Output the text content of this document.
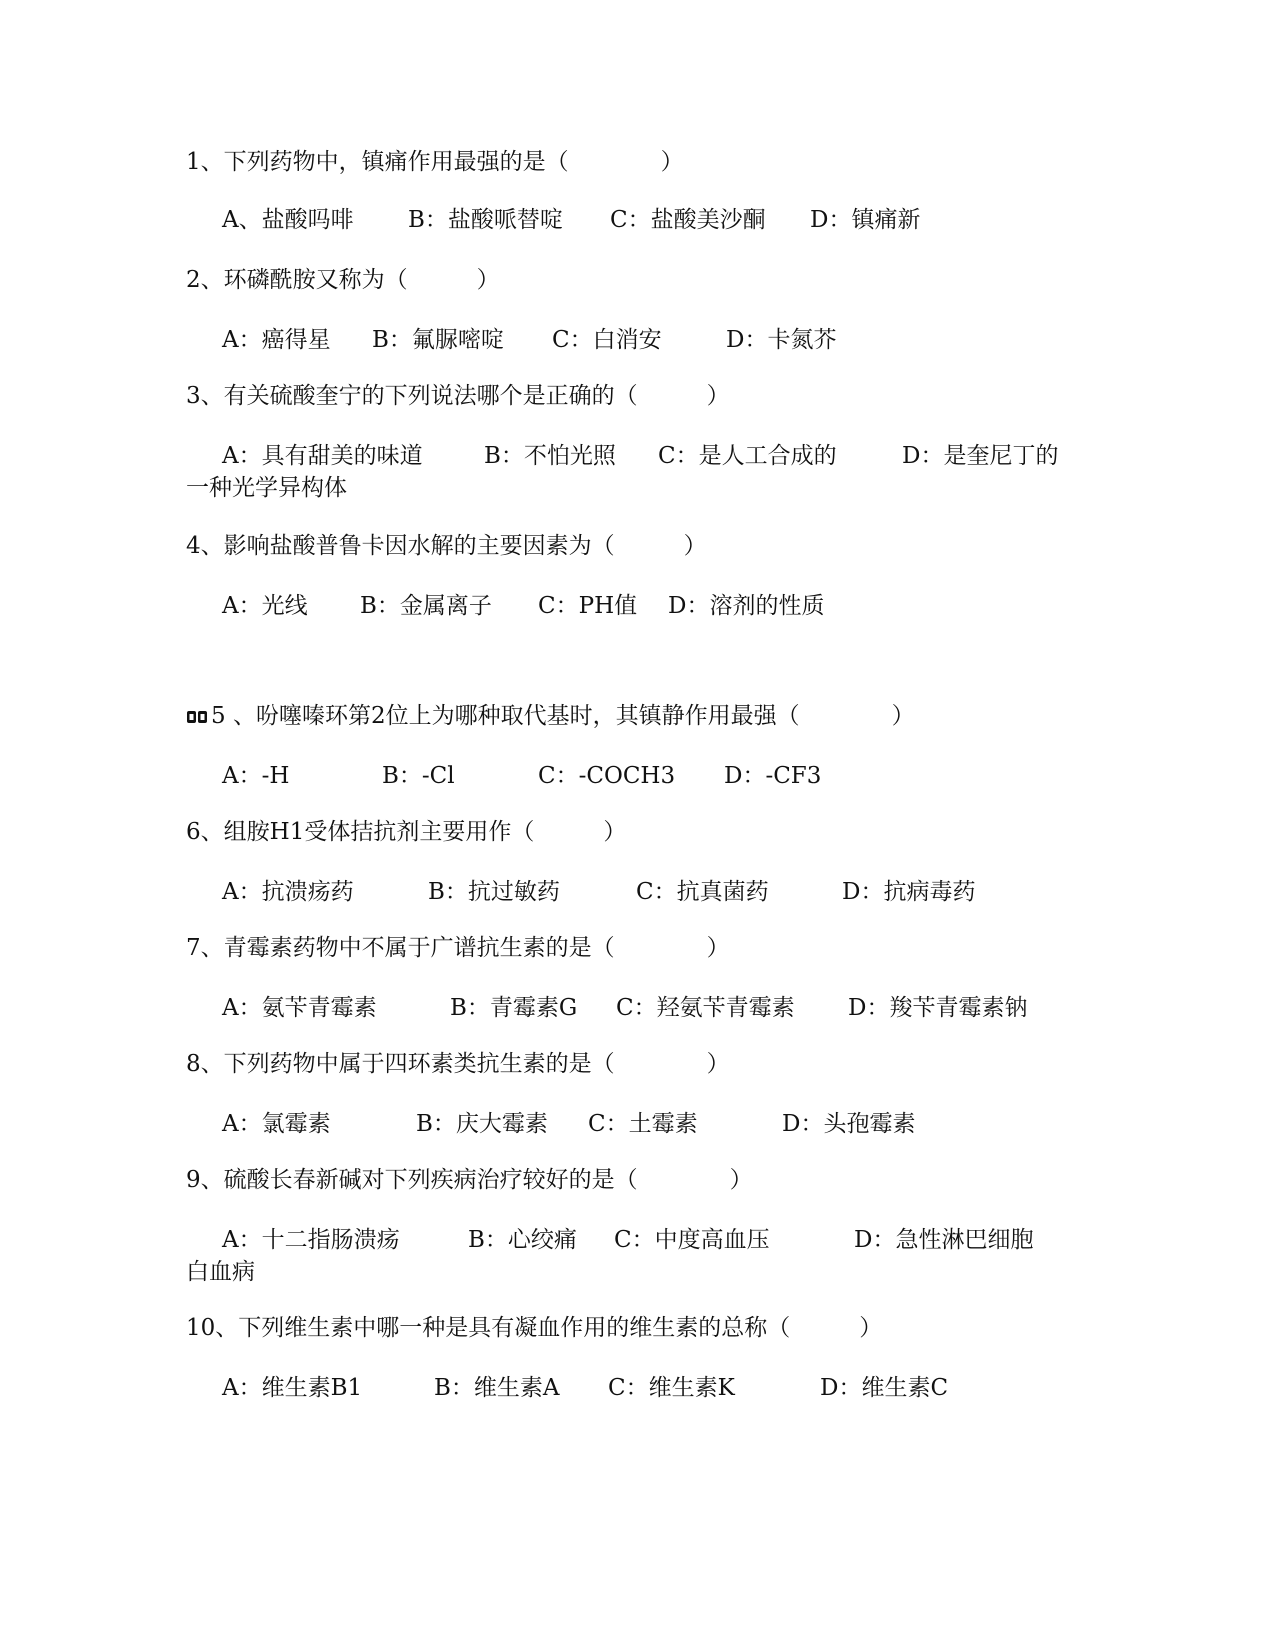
1、下列药物中，镇痛作用最强的是（　　　　）

A、盐酸吗啡

B：盐酸哌替啶

C：盐酸美沙酮

D：镇痛新

2、环磷酰胺又称为（　　　）

A：癌得星

B：氟脲嘧啶

C：白消安

	D：卡氮芥

3、有关硫酸奎宁的下列说法哪个是正确的（　　　）

A：具有甜美的味道

	B：不怕光照

C：是人工合成的

	D：是奎尼丁的

一种光学异构体
4、影响盐酸普鲁卡因水解的主要因素为（　　　）

A：光线

B：金属离子

C：PH值

D：溶剂的性质

5 、吩噻嗪环第2位上为哪种取代基时，其镇静作用最强（　　　　）

A：-H

	B：-Cl

	C：-COCH3

D：-CF3

6、组胺H1受体拮抗剂主要用作（　　　）

A：抗溃疡药

	B：抗过敏药

	C：抗真菌药

	D：抗病毒药

7、青霉素药物中不属于广谱抗生素的是（　　　　）

A：氨苄青霉素

	B：青霉素G

C：羟氨苄青霉素

D：羧苄青霉素钠

8、下列药物中属于四环素类抗生素的是（　　　　）

A：氯霉素

	B：庆大霉素

C：土霉素

	D：头孢霉素

9、硫酸长春新碱对下列疾病治疗较好的是（　　　　）

A：十二指肠溃疡

	B：心绞痛

C：中度高血压

	D：急性淋巴细胞

白血病
10、下列维生素中哪一种是具有凝血作用的维生素的总称（　　　）

A：维生素B1

	B：维生素A

C：维生素K

	D：维生素C
